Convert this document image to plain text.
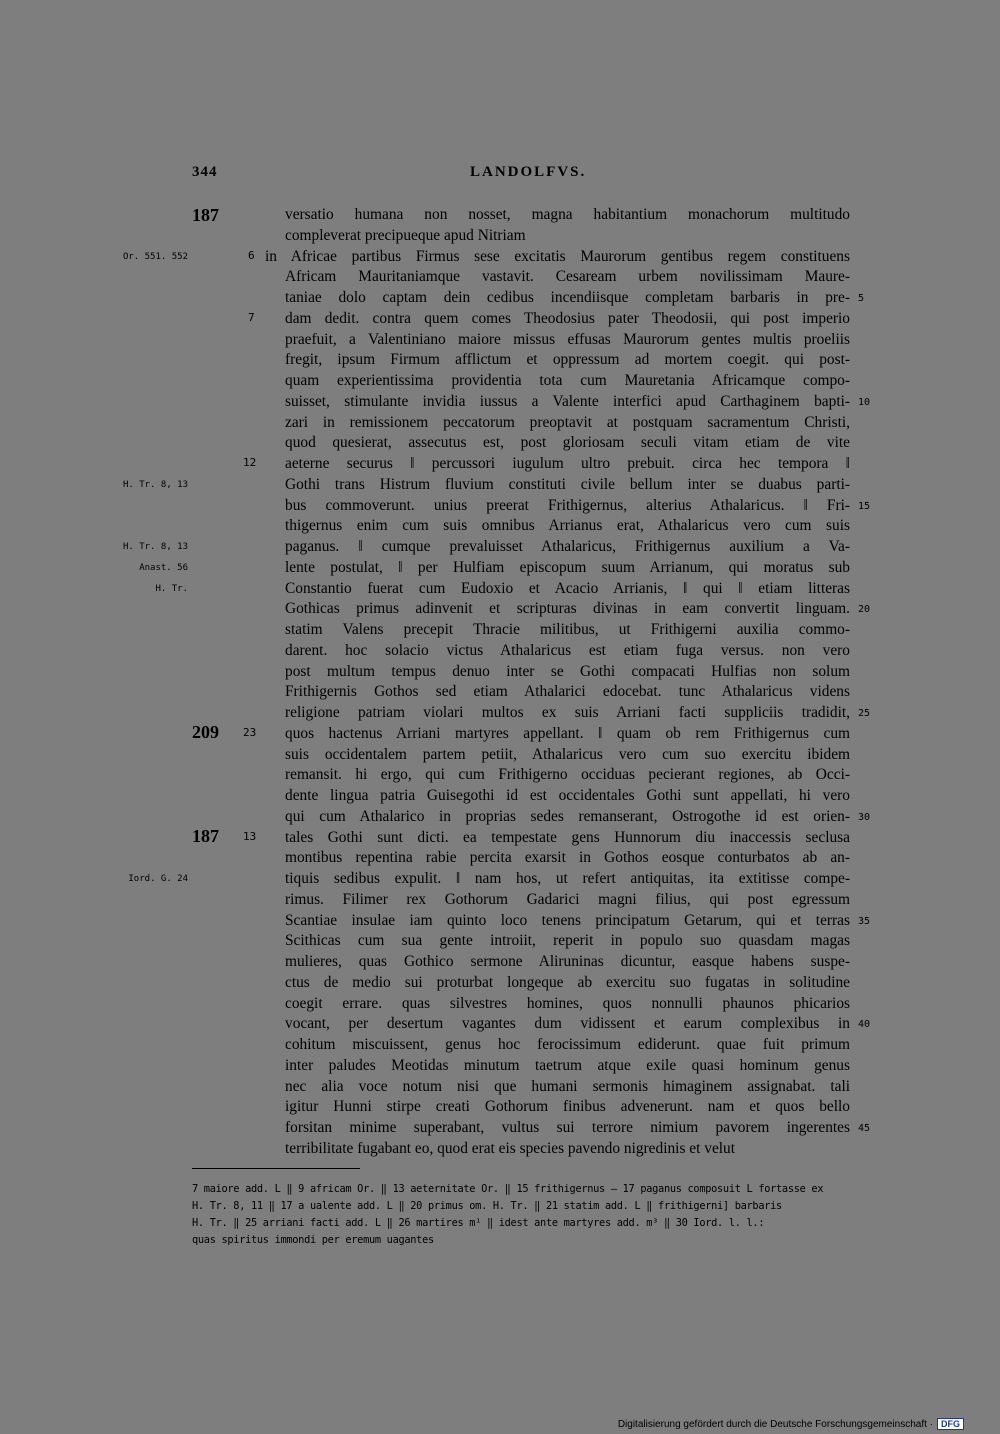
344	LANDOLFVS.
187
209
187
Or. 551. 552
H. Tr. 8, 13
H. Tr. 8, 13
Anast. 56
H. Tr.
Iord. G. 24
6
7
12
23
13
versatio humana non nosset, magna habitantium monachorum multitudo
compleverat precipueque apud Nitriam
in Africae partibus Firmus sese excitatis Maurorum gentibus regem constituens
Africam Mauritaniamque vastavit. Cesaream urbem novilissimam Maure-
taniae dolo captam dein cedibus incendiisque completam barbaris in pre-
dam dedit. contra quem comes Theodosius pater Theodosii, qui post imperio
praefuit, a Valentiniano maiore missus effusas Maurorum gentes multis proeliis
fregit, ipsum Firmum afflictum et oppressum ad mortem coegit. qui post-
quam experientissima providentia tota cum Mauretania Africamque compo-
suisset, stimulante invidia iussus a Valente interfici apud Carthaginem bapti-
zari in remissionem peccatorum preoptavit at postquam sacramentum Christi,
quod quesierat, assecutus est, post gloriosam seculi vitam etiam de vite
aeterne securus ‖ percussori iugulum ultro prebuit. circa hec tempora ‖
Gothi trans Histrum fluvium constituti civile bellum inter se duabus parti-
bus commoverunt. unius preerat Frithigernus, alterius Athalaricus. ‖ Fri-
thigernus enim cum suis omnibus Arrianus erat, Athalaricus vero cum suis
paganus. ‖ cumque prevaluisset Athalaricus, Frithigernus auxilium a Va-
lente postulat, ‖ per Hulfiam episcopum suum Arrianum, qui moratus sub
Constantio fuerat cum Eudoxio et Acacio Arrianis, ‖ qui ‖ etiam litteras
Gothicas primus adinvenit et scripturas divinas in eam convertit linguam.
statim Valens precepit Thracie militibus, ut Frithigerni auxilia commo-
darent. hoc solacio victus Athalaricus est etiam fuga versus. non vero
post multum tempus denuo inter se Gothi compacati Hulfias non solum
Frithigernis Gothos sed etiam Athalarici edocebat. tunc Athalaricus videns
religione patriam violari multos ex suis Arriani facti suppliciis tradidit,
quos hactenus Arriani martyres appellant. ‖ quam ob rem Frithigernus cum
suis occidentalem partem petiit, Athalaricus vero cum suo exercitu ibidem
remansit. hi ergo, qui cum Frithigerno occiduas pecierant regiones, ab Occi-
dente lingua patria Guisegothi id est occidentales Gothi sunt appellati, hi vero
qui cum Athalarico in proprias sedes remanserant, Ostrogothe id est orien-
tales Gothi sunt dicti. ea tempestate gens Hunnorum diu inaccessis seclusa
montibus repentina rabie percita exarsit in Gothos eosque conturbatos ab an-
tiquis sedibus expulit. ‖ nam hos, ut refert antiquitas, ita extitisse compe-
rimus. Filimer rex Gothorum Gadarici magni filius, qui post egressum
Scantiae insulae iam quinto loco tenens principatum Getarum, qui et terras
Scithicas cum sua gente introiit, reperit in populo suo quasdam magas
mulieres, quas Gothico sermone Aliruninas dicuntur, easque habens suspe-
ctus de medio sui proturbat longeque ab exercitu suo fugatas in solitudine
coegit errare. quas silvestres homines, quos nonnulli phaunos phicarios
vocant, per desertum vagantes dum vidissent et earum complexibus in
cohitum miscuissent, genus hoc ferocissimum ediderunt. quae fuit primum
inter paludes Meotidas minutum taetrum atque exile quasi hominum genus
nec alia voce notum nisi que humani sermonis himaginem assignabat. tali
igitur Hunni stirpe creati Gothorum finibus advenerunt. nam et quos bello
forsitan minime superabant, vultus sui terrore nimium pavorem ingerentes
terribilitate fugabant eo, quod erat eis species pavendo nigredinis et velut
5
10
15
20
25
30
35
40
45
7 maiore add. L ‖ 9 africam Or. ‖ 13 aeternitate Or. ‖ 15 frithigernus — 17 paganus composuit L fortasse ex
H. Tr. 8, 11 ‖ 17 a ualente add. L ‖ 20 primus om. H. Tr. ‖ 21 statim add. L ‖ frithigerni] barbaris
H. Tr. ‖ 25 arriani facti add. L ‖ 26 martires m¹ ‖ idest ante martyres add. m³ ‖ 30 Iord. l. l.:
quas spiritus immondi per eremum uagantes
Digitalisierung gefördert durch die Deutsche Forschungsgemeinschaft · DFG
